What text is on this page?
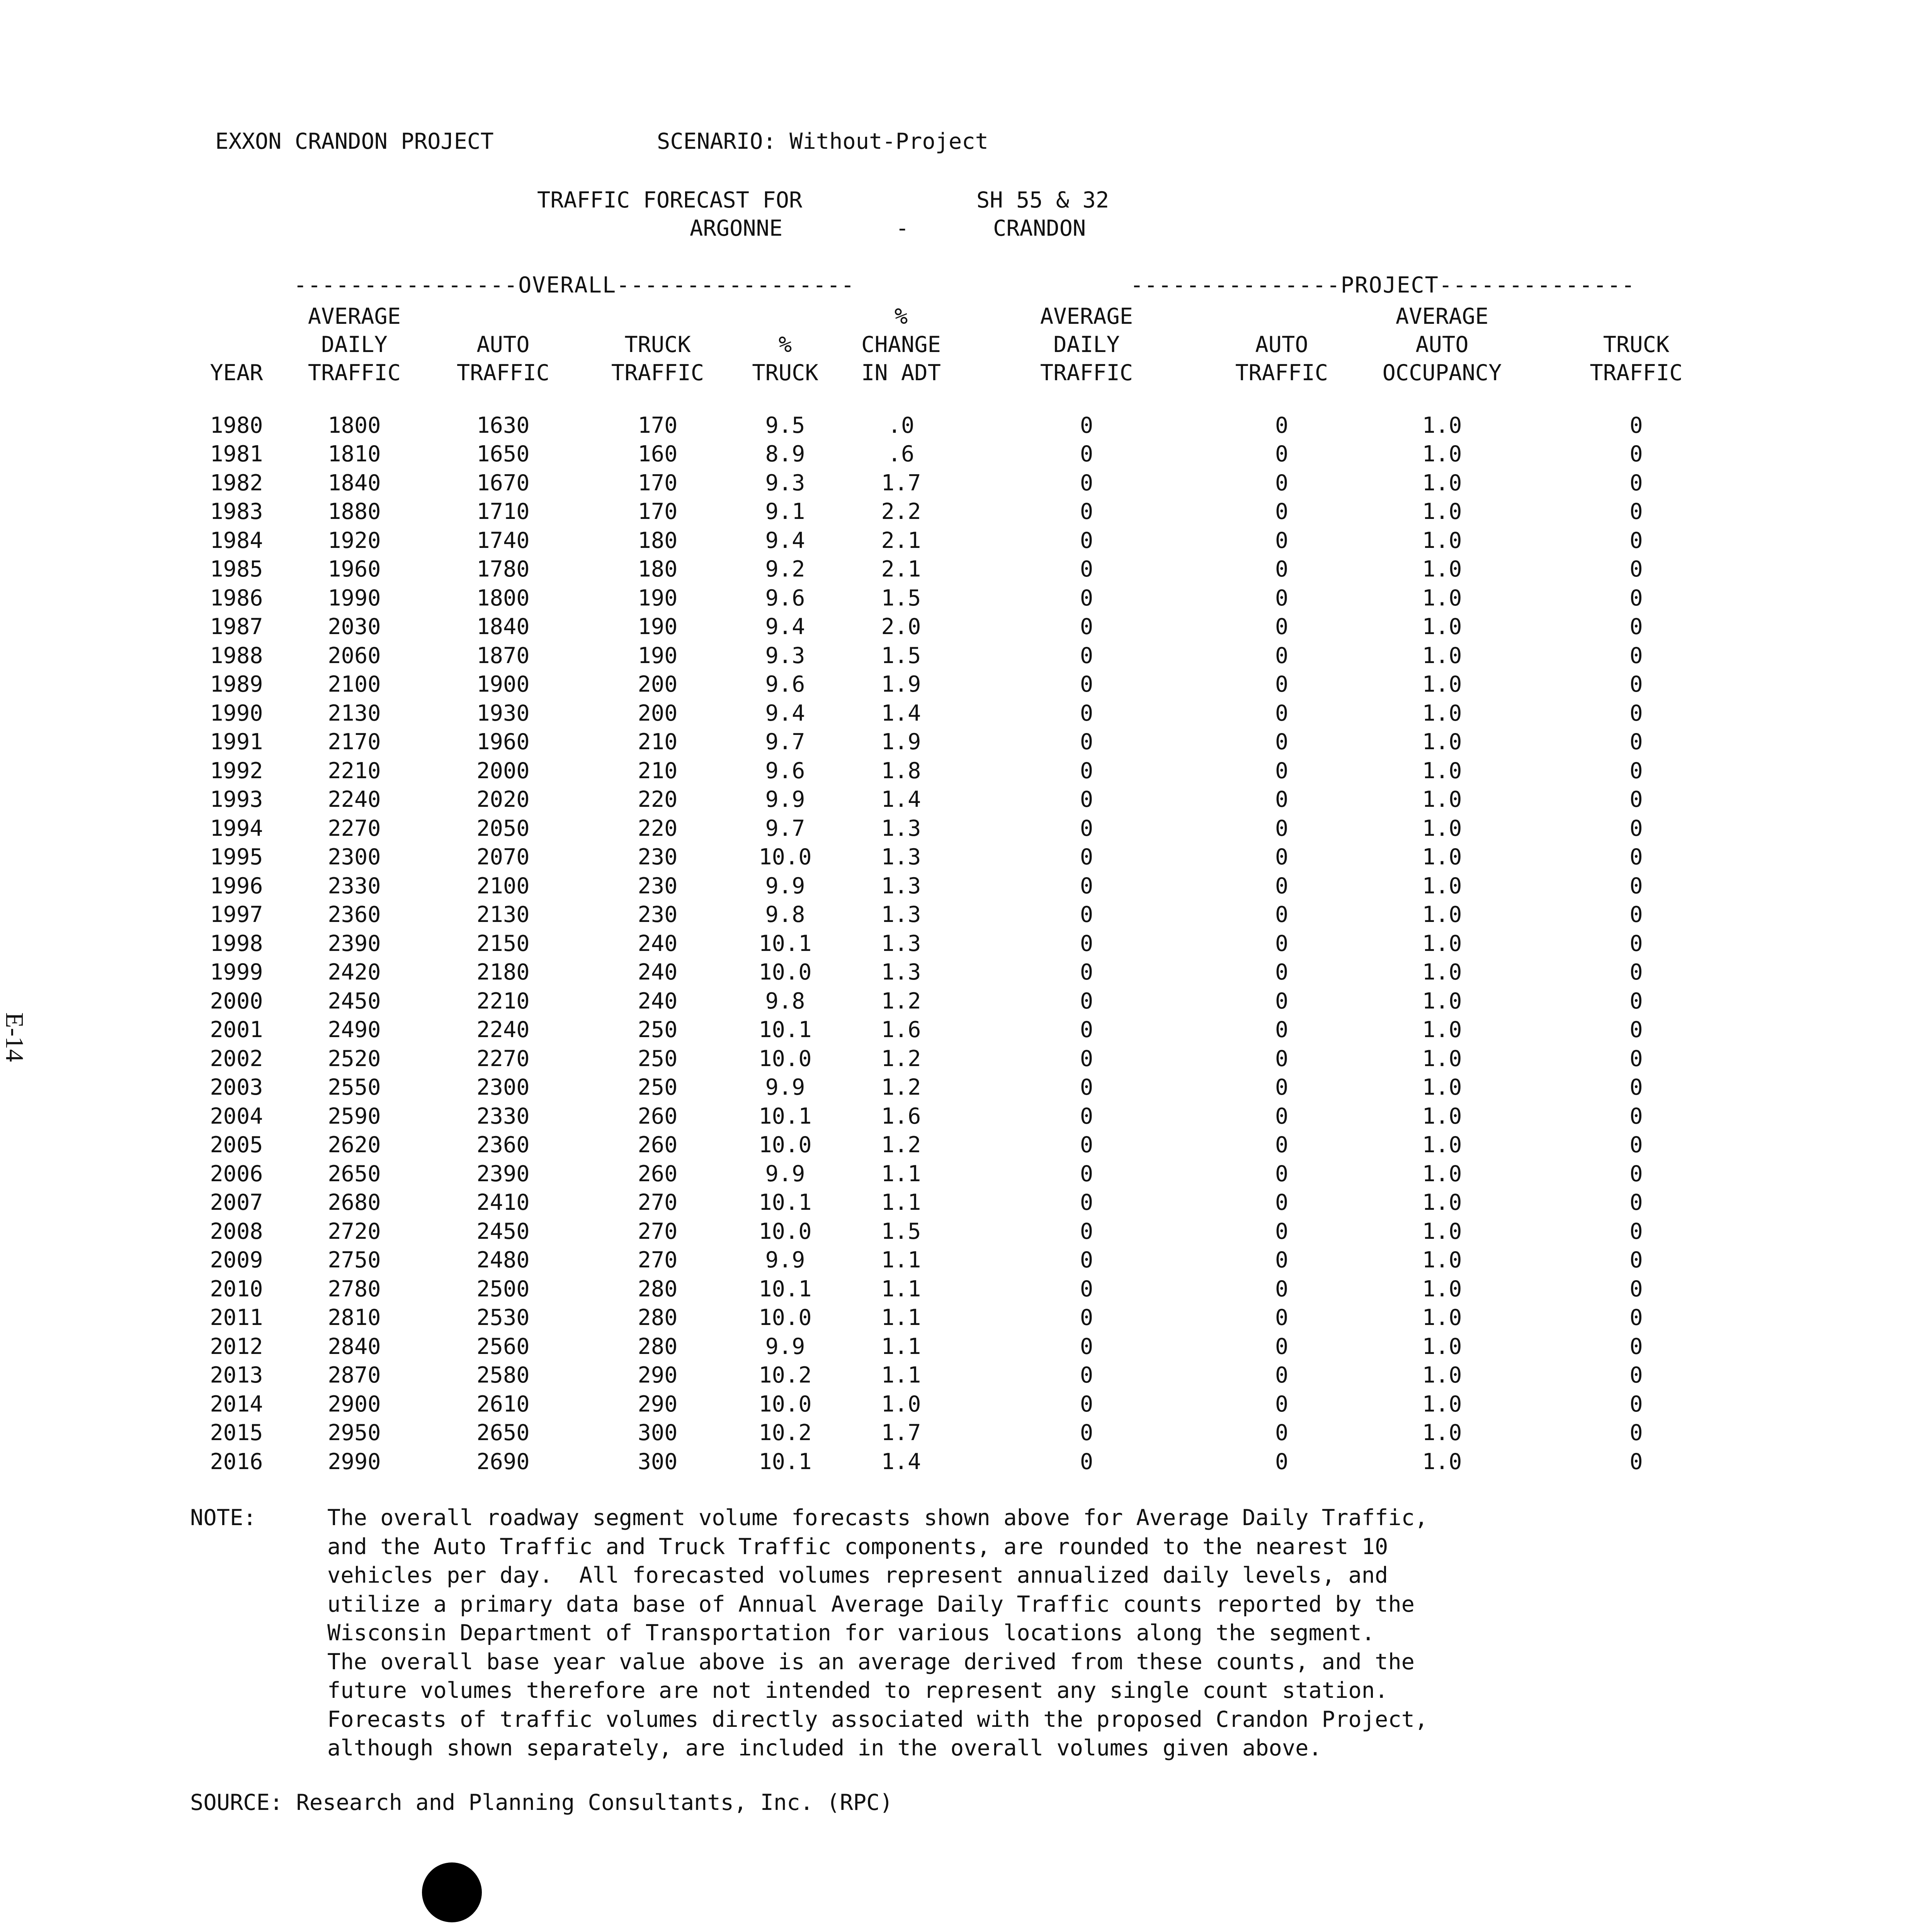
EXXON CRANDON PROJECT	SCENARIO: Without-Project
TRAFFIC FORECAST FOR	SH 55 & 32
ARGONNE	-	CRANDON
----------------OVERALL-----------------	---------------PROJECT--------------
	AVERAGE				%	AVERAGE		AVERAGE	
	DAILY	AUTO	TRUCK	%	CHANGE	DAILY	AUTO	AUTO	TRUCK
YEAR	TRAFFIC	TRAFFIC	TRAFFIC	TRUCK	IN ADT	TRAFFIC	TRAFFIC	OCCUPANCY	TRAFFIC

1980	1800	1630	170	9.5	.0	0	0	1.0	0
1981	1810	1650	160	8.9	.6	0	0	1.0	0
1982	1840	1670	170	9.3	1.7	0	0	1.0	0
1983	1880	1710	170	9.1	2.2	0	0	1.0	0
1984	1920	1740	180	9.4	2.1	0	0	1.0	0
1985	1960	1780	180	9.2	2.1	0	0	1.0	0
1986	1990	1800	190	9.6	1.5	0	0	1.0	0
1987	2030	1840	190	9.4	2.0	0	0	1.0	0
1988	2060	1870	190	9.3	1.5	0	0	1.0	0
1989	2100	1900	200	9.6	1.9	0	0	1.0	0
1990	2130	1930	200	9.4	1.4	0	0	1.0	0
1991	2170	1960	210	9.7	1.9	0	0	1.0	0
1992	2210	2000	210	9.6	1.8	0	0	1.0	0
1993	2240	2020	220	9.9	1.4	0	0	1.0	0
1994	2270	2050	220	9.7	1.3	0	0	1.0	0
1995	2300	2070	230	10.0	1.3	0	0	1.0	0
1996	2330	2100	230	9.9	1.3	0	0	1.0	0
1997	2360	2130	230	9.8	1.3	0	0	1.0	0
1998	2390	2150	240	10.1	1.3	0	0	1.0	0
1999	2420	2180	240	10.0	1.3	0	0	1.0	0
2000	2450	2210	240	9.8	1.2	0	0	1.0	0
2001	2490	2240	250	10.1	1.6	0	0	1.0	0
2002	2520	2270	250	10.0	1.2	0	0	1.0	0
2003	2550	2300	250	9.9	1.2	0	0	1.0	0
2004	2590	2330	260	10.1	1.6	0	0	1.0	0
2005	2620	2360	260	10.0	1.2	0	0	1.0	0
2006	2650	2390	260	9.9	1.1	0	0	1.0	0
2007	2680	2410	270	10.1	1.1	0	0	1.0	0
2008	2720	2450	270	10.0	1.5	0	0	1.0	0
2009	2750	2480	270	9.9	1.1	0	0	1.0	0
2010	2780	2500	280	10.1	1.1	0	0	1.0	0
2011	2810	2530	280	10.0	1.1	0	0	1.0	0
2012	2840	2560	280	9.9	1.1	0	0	1.0	0
2013	2870	2580	290	10.2	1.1	0	0	1.0	0
2014	2900	2610	290	10.0	1.0	0	0	1.0	0
2015	2950	2650	300	10.2	1.7	0	0	1.0	0
2016	2990	2690	300	10.1	1.4	0	0	1.0	0
NOTE:	The overall roadway segment volume forecasts shown above for Average Daily Traffic,
and the Auto Traffic and Truck Traffic components, are rounded to the nearest 10
vehicles per day.  All forecasted volumes represent annualized daily levels, and
utilize a primary data base of Annual Average Daily Traffic counts reported by the
Wisconsin Department of Transportation for various locations along the segment.
The overall base year value above is an average derived from these counts, and the
future volumes therefore are not intended to represent any single count station.
Forecasts of traffic volumes directly associated with the proposed Crandon Project,
although shown separately, are included in the overall volumes given above.
SOURCE: Research and Planning Consultants, Inc. (RPC)
E-14
